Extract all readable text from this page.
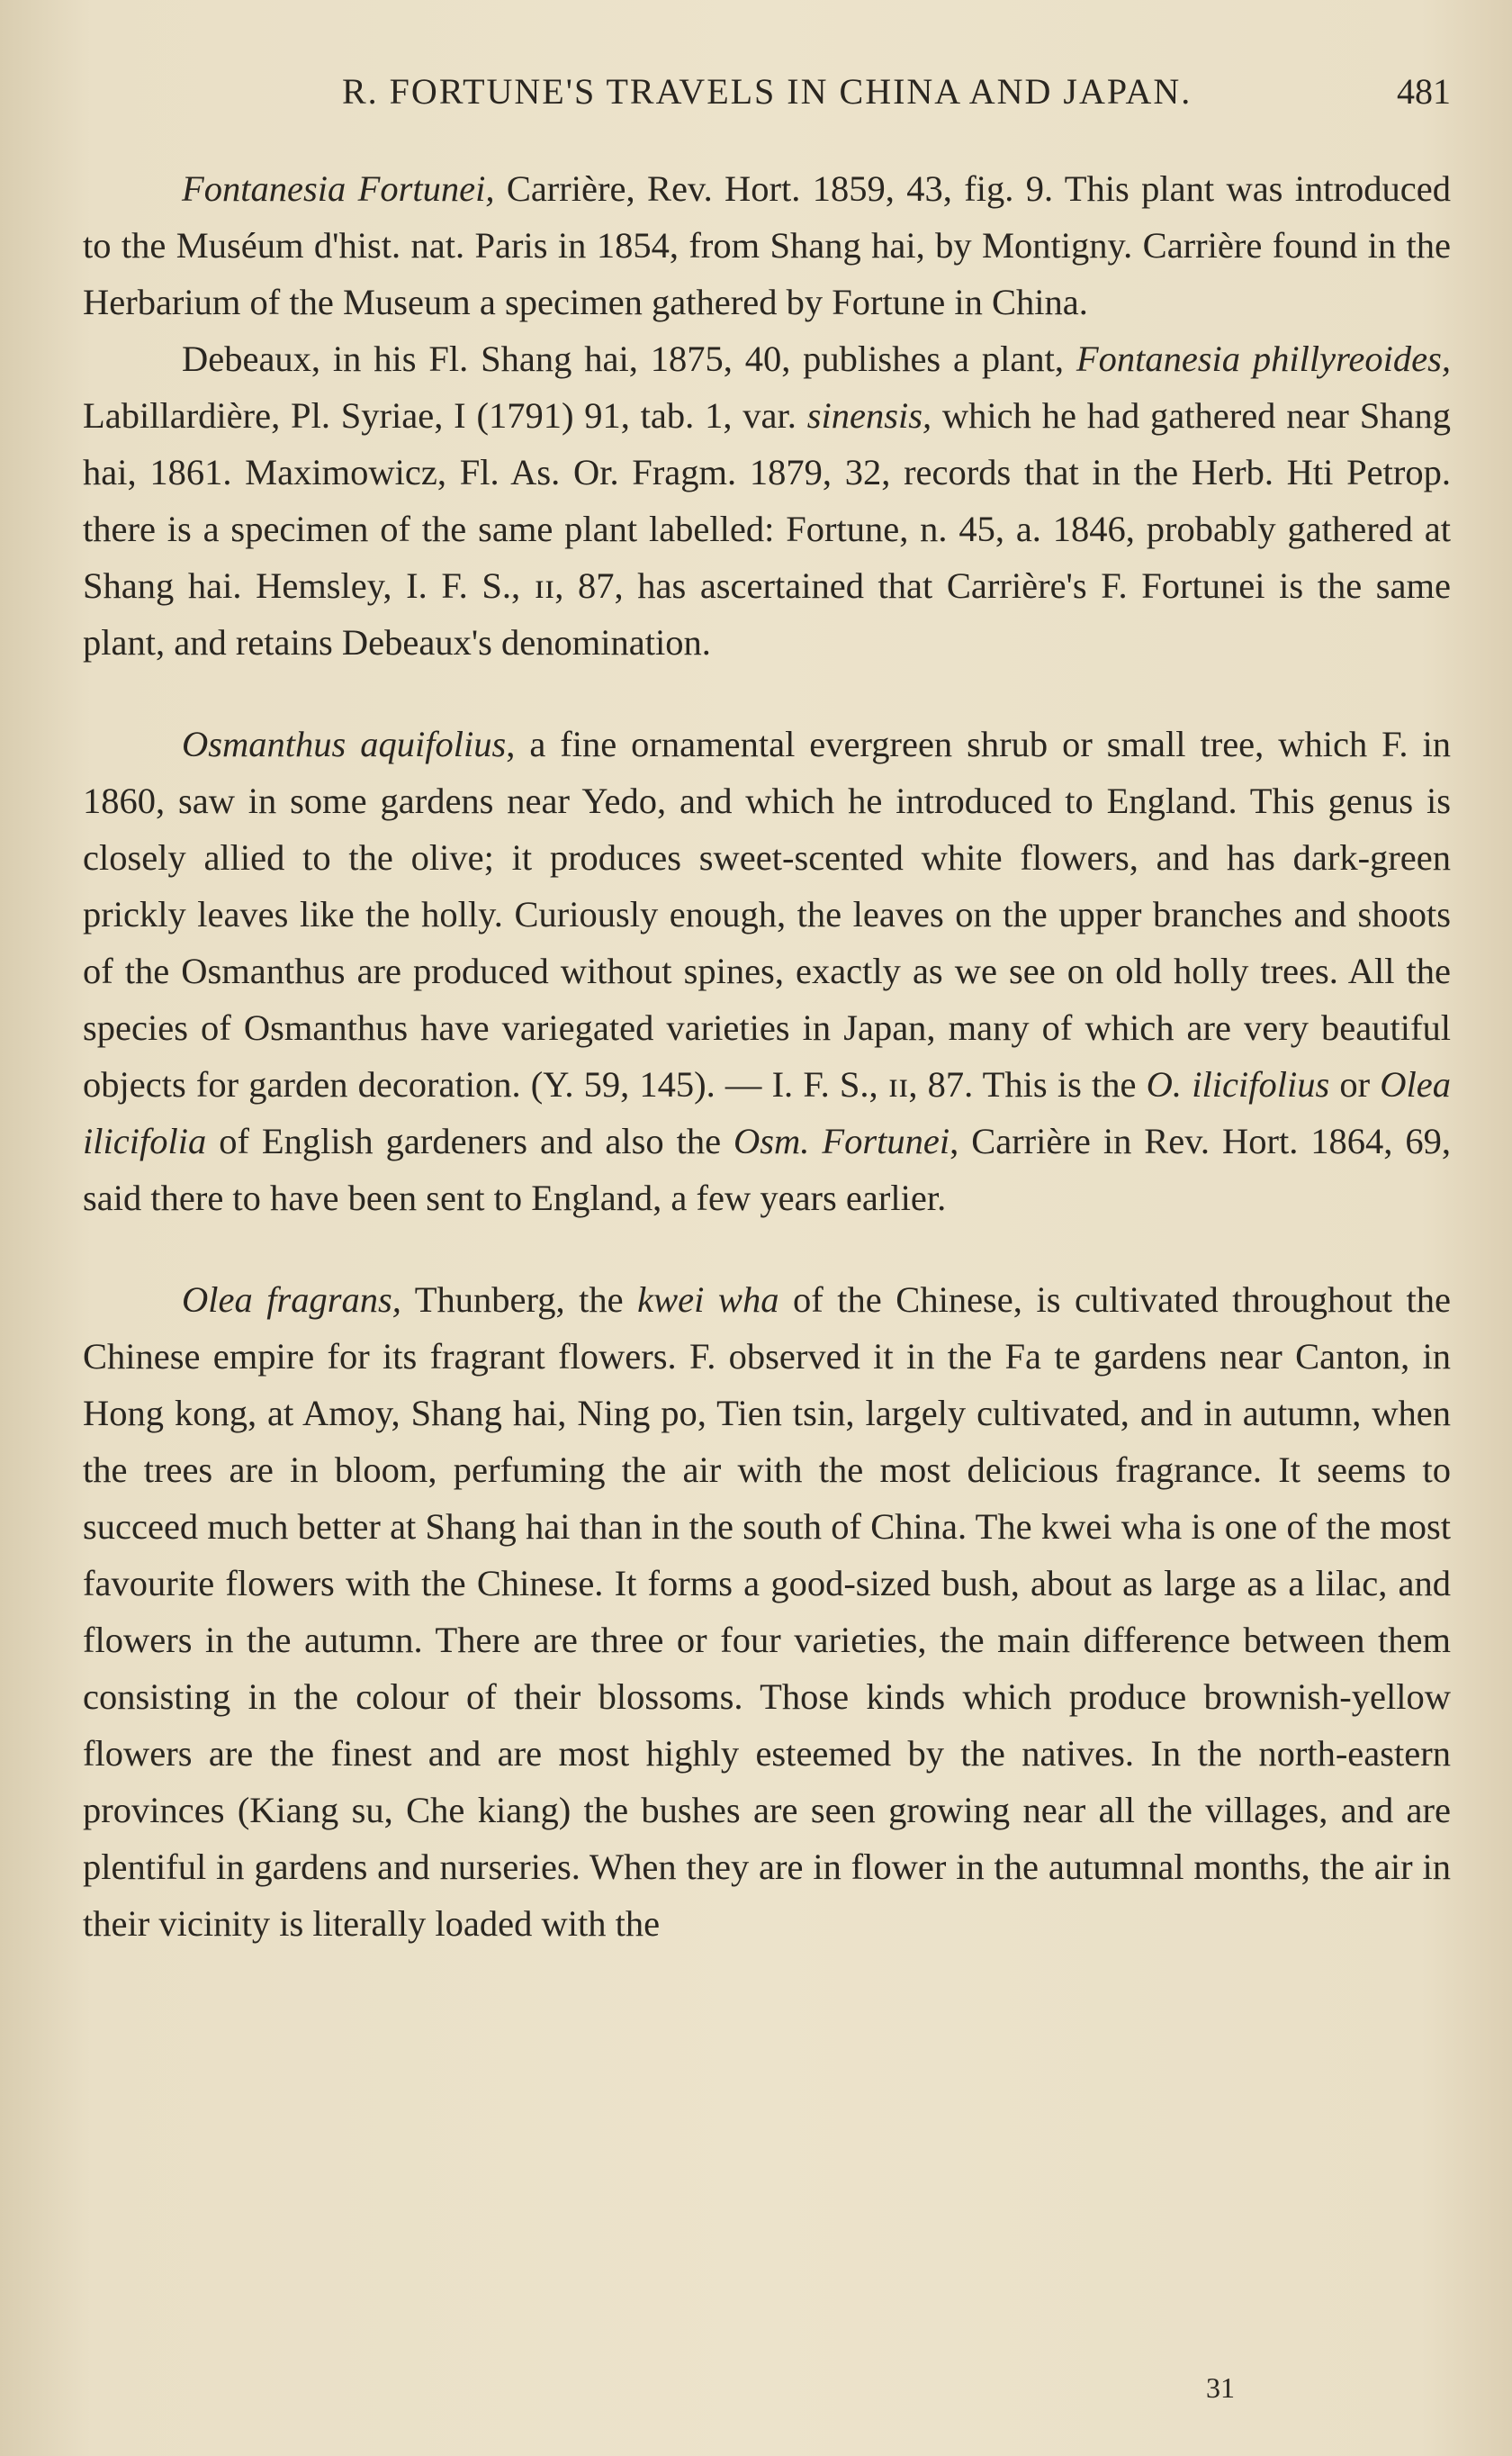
R. FORTUNE'S TRAVELS IN CHINA AND JAPAN.	481

Fontanesia Fortunei, Carrière, Rev. Hort. 1859, 43, fig. 9. This plant was introduced to the Muséum d'hist. nat. Paris in 1854, from Shang hai, by Montigny. Carrière found in the Herbarium of the Museum a specimen gathered by Fortune in China.

Debeaux, in his Fl. Shang hai, 1875, 40, publishes a plant, Fontanesia phillyreoides, Labillardière, Pl. Syriae, I (1791) 91, tab. 1, var. sinensis, which he had gathered near Shang hai, 1861. Maximowicz, Fl. As. Or. Fragm. 1879, 32, records that in the Herb. Hti Petrop. there is a specimen of the same plant labelled: Fortune, n. 45, a. 1846, probably gathered at Shang hai. Hemsley, I. F. S., ɪɪ, 87, has ascertained that Carrière's F. Fortunei is the same plant, and retains Debeaux's denomination.

Osmanthus aquifolius, a fine ornamental evergreen shrub or small tree, which F. in 1860, saw in some gardens near Yedo, and which he introduced to England. This genus is closely allied to the olive; it produces sweet-scented white flowers, and has dark-green prickly leaves like the holly. Curiously enough, the leaves on the upper branches and shoots of the Osmanthus are produced without spines, exactly as we see on old holly trees. All the species of Osmanthus have variegated varieties in Japan, many of which are very beautiful objects for garden decoration. (Y. 59, 145). — I. F. S., ɪɪ, 87. This is the O. ilicifolius or Olea ilicifolia of English gardeners and also the Osm. Fortunei, Carrière in Rev. Hort. 1864, 69, said there to have been sent to England, a few years earlier.

Olea fragrans, Thunberg, the kwei wha of the Chinese, is cultivated throughout the Chinese empire for its fragrant flowers. F. observed it in the Fa te gardens near Canton, in Hong kong, at Amoy, Shang hai, Ning po, Tien tsin, largely cultivated, and in autumn, when the trees are in bloom, perfuming the air with the most delicious fragrance. It seems to succeed much better at Shang hai than in the south of China. The kwei wha is one of the most favourite flowers with the Chinese. It forms a good-sized bush, about as large as a lilac, and flowers in the autumn. There are three or four varieties, the main difference between them consisting in the colour of their blossoms. Those kinds which produce brownish-yellow flowers are the finest and are most highly esteemed by the natives. In the north-eastern provinces (Kiang su, Che kiang) the bushes are seen growing near all the villages, and are plentiful in gardens and nurseries. When they are in flower in the autumnal months, the air in their vicinity is literally loaded with the

31
